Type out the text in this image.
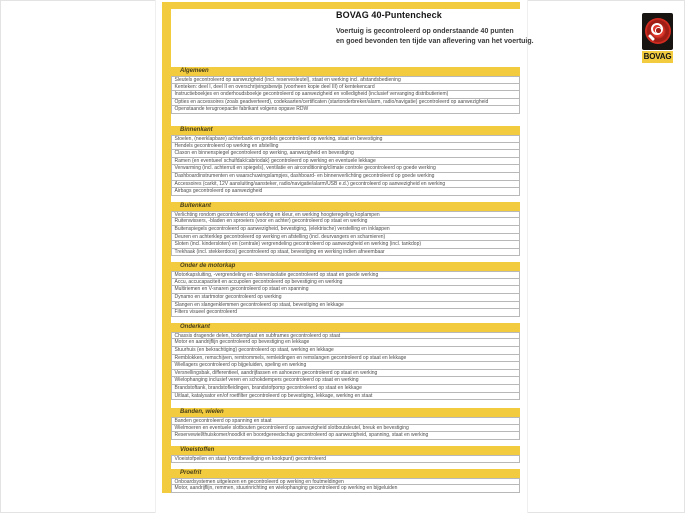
BOVAG 40-Puntencheck
Voertuig is gecontroleerd op onderstaande 40 punten
en goed bevonden ten tijde van aflevering van het voertuig.
BOVAG
Algemeen
Sleutels gecontroleerd op aanwezigheid (incl. reservesleutel), staat en werking incl. afstandsbediening
Kenteken: deel I, deel II en overschrijvingsbewijs (voorheen kopie deel III) of kentekencard
Instructieboekjes en onderhoudsboekje gecontroleerd op aanwezigheid en volledigheid (inclusief vervanging distributieriem)
Opties en accessoires (zoals geadverteerd), codekaarten/certificaten (startonderbreker/alarm, radio/navigatie) gecontroleerd op aanwezigheid
Openstaande terugroepactie fabrikant volgens opgave RDW
Binnenkant
Stoelen, (neerklapbare) achterbank en gordels gecontroleerd op werking, staat en bevestiging
Hendels gecontroleerd op werking en afstelling
Claxon en binnenspiegel gecontroleerd op werking, aanwezigheid en bevestiging
Ramen (en eventueel schuifdak/cabriodak) gecontroleerd op werking en eventuele lekkage
Verwarming (incl. achterruit en spiegels), ventilatie en airconditioning/climate controle gecontroleerd op goede werking
Dashboardinstrumenten en waarschuwingslampjes, dashboard- en binnenverlichting gecontroleerd op goede werking
Accessoires (carkit, 12V aansluiting/aansteker, radio/navigatie/alarm/USB e.d.) gecontroleerd op aanwezigheid en werking
Airbags gecontroleerd op aanwezigheid
Buitenkant
Verlichting rondom gecontroleerd op werking en kleur, en werking hoogteregeling koplampen
Ruitenwissers, -bladen en sproeiers (voor en achter) gecontroleerd op staat en werking
Buitenspiegels gecontroleerd op aanwezigheid, bevestiging, (elektrische) verstelling en inklappen
Deuren en achterklep gecontroleerd op werking en afstelling (incl. deurvangers en scharnieren)
Sloten (incl. kindersloten) en (centrale) vergrendeling gecontroleerd op aanwezigheid en werking (incl. tankdop)
Trekhaak (incl. stekkerdoos) gecontroleerd op staat, bevestiging en werking indien afneembaar
Onder de motorkap
Motorkapsluiting, -vergrendeling en -binnenisolatie gecontroleerd op staat en goede werking
Accu, accucapaciteit en accupolen gecontroleerd op bevestiging en werking
Multiriemen en V-snaren gecontroleerd op staat en spanning
Dynamo en startmotor gecontroleerd op werking
Slangen en slangenklemmen gecontroleerd op staat, bevestiging en lekkage
Filters visueel gecontroleerd
Onderkant
Chassis dragende delen, bodemplaat en subframes gecontroleerd op staat
Motor en aandrijflijn gecontroleerd op bevestiging en lekkage
Stuurhuis (en bekrachtiging) gecontroleerd op staat, werking en lekkage
Remblokken, remschijven, remtrommels, remleidingen en remslangen gecontroleerd op staat en lekkage
Wiellagers gecontroleerd op bijgeluiden, speling en werking
Versnellingsbak, differentieel, aandrijfassen en ashoezen gecontroleerd op staat en werking
Wielophanging inclusief veren en schokdempers gecontroleerd op staat en werking
Brandstoftank, brandstofleidingen, brandstofpomp gecontroleerd op staat en lekkage
Uitlaat, katalysator en/of roetfilter gecontroleerd op bevestiging, lekkage, werking en staat
Banden, wielen
Banden gecontroleerd op spanning en staat
Wielmoeren en eventuele slotbouten gecontroleerd op aanwezigheid slotboutsleutel, breuk en bevestiging
Reservewiel/thuiskomer/noodkit en boordgereedschap gecontroleerd op aanwezigheid, spanning, staat en werking
Vloeistoffen
Vloeistofpeilen en staat (vorstbeveiliging en kookpunt) gecontroleerd
Proefrit
Onboardsystemen uitgelezen en gecontroleerd op werking en foutmeldingen
Motor, aandrijflijn, remmen, stuurinrichting en wielophanging gecontroleerd op werking en bijgeluiden
